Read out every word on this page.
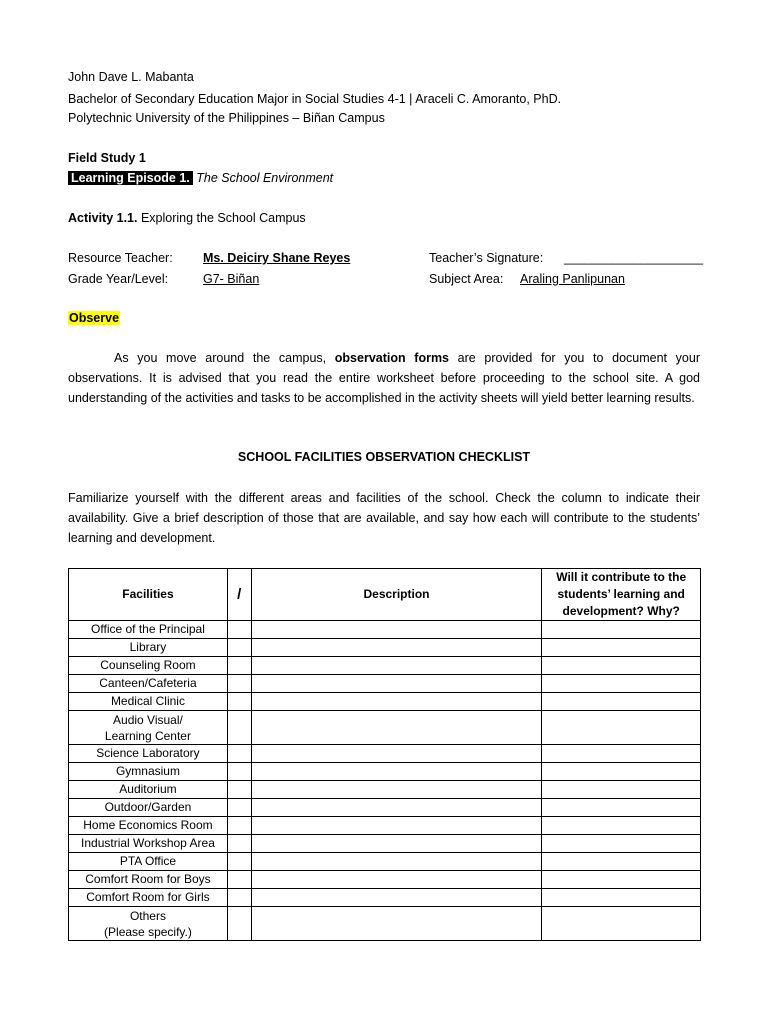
John Dave L. Mabanta
Bachelor of Secondary Education Major in Social Studies 4-1 | Araceli C. Amoranto, PhD.
Polytechnic University of the Philippines – Biñan Campus
Field Study 1
Learning Episode 1. The School Environment
Activity 1.1. Exploring the School Campus
Resource Teacher: Ms. Deiciry Shane Reyes	Teacher’s Signature: ____________________
Grade Year/Level:	G7- Biñan	Subject Area: Araling Panlipunan
Observe
As you move around the campus, observation forms are provided for you to document your observations. It is advised that you read the entire worksheet before proceeding to the school site. A god understanding of the activities and tasks to be accomplished in the activity sheets will yield better learning results.
SCHOOL FACILITIES OBSERVATION CHECKLIST
Familiarize yourself with the different areas and facilities of the school. Check the column to indicate their availability. Give a brief description of those that are available, and say how each will contribute to the students’ learning and development.
Facilities	/	Description	Will it contribute to the
students’ learning and
development? Why?
Office of the Principal			
Library			
Counseling Room			
Canteen/Cafeteria			
Medical Clinic			
Audio Visual/
Learning Center			
Science Laboratory			
Gymnasium			
Auditorium			
Outdoor/Garden			
Home Economics Room			
Industrial Workshop Area			
PTA Office			
Comfort Room for Boys			
Comfort Room for Girls			
Others
(Please specify.)			
